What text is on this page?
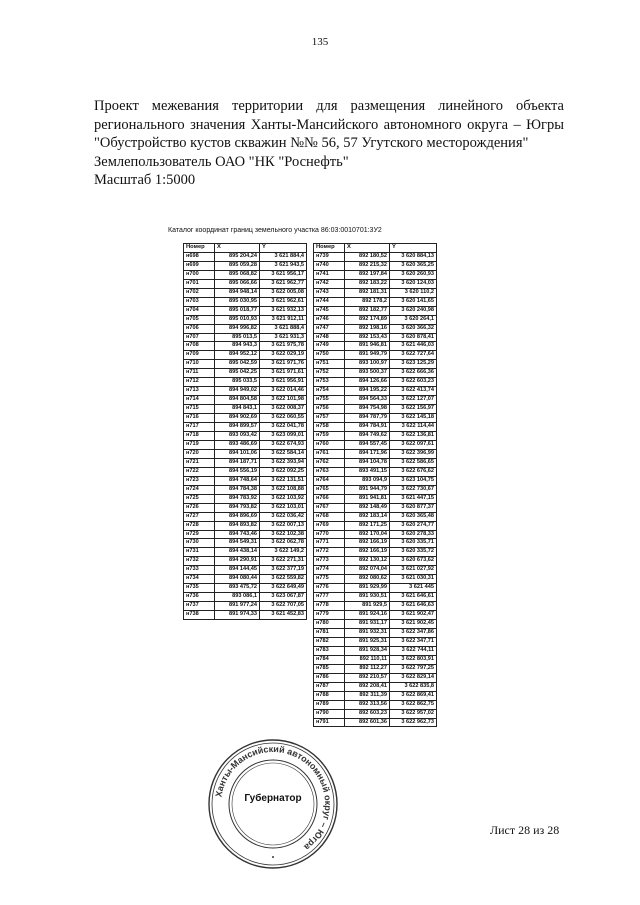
135
Проект межевания территории для размещения линейного объекта
регионального значения Ханты-Мансийского автономного округа – Югры
"Обустройство кустов скважин №№ 56, 57 Угутского месторождения"
Землепользователь ОАО "НК "Роснефть"
Масштаб 1:5000
Каталог координат границ земельного участка 86:03:0010701:3У2
Номер	X	Y
н698	895 204,24	3 621 884,4
н699	895 059,28	3 621 943,5
н700	895 068,82	3 621 956,17
н701	895 066,66	3 621 962,77
н702	894 948,14	3 622 005,08
н703	895 030,95	3 621 962,61
н704	895 018,77	3 621 932,13
н705	895 010,93	3 621 912,11
н706	894 996,82	3 621 888,4
н707	895 013,5	3 621 931,3
н708	894 943,3	3 621 975,78
н709	894 952,12	3 622 029,19
н710	895 042,59	3 621 971,76
н711	895 042,25	3 621 971,61
н712	895 033,5	3 621 956,91
н713	894 949,02	3 622 014,46
н714	894 804,58	3 622 101,98
н715	894 843,1	3 622 008,37
н716	894 902,69	3 622 060,55
н717	894 899,57	3 622 041,78
н718	893 093,42	3 623 099,01
н719	893 486,69	3 622 674,93
н720	894 101,06	3 622 584,14
н721	894 187,71	3 622 393,94
н722	894 556,19	3 622 092,25
н723	894 748,64	3 622 131,51
н724	894 784,38	3 622 108,88
н725	894 783,92	3 622 103,92
н726	894 793,82	3 622 103,01
н727	894 896,69	3 622 036,42
н728	894 893,82	3 622 007,13
н729	894 743,46	3 622 102,38
н730	894 549,31	3 622 062,78
н731	894 438,14	3 622 149,2
н732	894 290,91	3 622 271,31
н733	894 144,45	3 622 377,19
н734	894 080,44	3 622 559,82
н735	893 475,72	3 622 649,49
н736	893 086,1	3 623 067,87
н737	891 977,24	3 622 707,05
н738	891 974,33	3 621 452,83
Номер	X	Y
н739	892 180,52	3 620 884,13
н740	892 215,32	3 620 365,25
н741	892 197,84	3 620 260,93
н742	892 183,22	3 620 124,03
н743	892 181,31	3 620 110,2
н744	892 178,2	3 620 141,65
н745	892 182,77	3 620 240,98
н746	892 174,89	3 620 264,1
н747	892 198,16	3 620 366,32
н748	892 153,43	3 620 878,41
н749	891 946,81	3 621 446,03
н750	891 949,79	3 622 727,64
н751	893 100,97	3 623 125,29
н752	893 500,37	3 622 666,36
н753	894 126,66	3 622 603,23
н754	894 195,22	3 622 413,74
н755	894 564,33	3 622 127,07
н756	894 754,98	3 622 156,97
н757	894 787,79	3 622 145,18
н758	894 784,91	3 622 114,44
н759	894 749,62	3 622 136,81
н760	894 557,45	3 622 097,61
н761	894 171,96	3 622 396,99
н762	894 104,78	3 622 586,65
н763	893 491,15	3 622 676,62
н764	893 094,9	3 623 104,75
н765	891 944,79	3 622 730,67
н766	891 941,81	3 621 447,15
н767	892 148,49	3 620 877,37
н768	892 183,14	3 620 365,48
н769	892 171,25	3 620 274,77
н770	892 170,04	3 620 278,33
н771	892 166,19	3 620 335,71
н772	892 166,19	3 620 335,72
н773	892 130,12	3 620 673,62
н774	892 074,04	3 621 027,92
н775	892 080,62	3 621 030,31
н776	891 929,99	3 621 445
н777	891 930,51	3 621 646,61
н778	891 929,5	3 621 646,63
н779	891 924,16	3 621 902,47
н780	891 931,17	3 621 902,45
н781	891 932,31	3 622 347,86
н782	891 925,31	3 622 347,71
н783	891 928,34	3 622 744,11
н784	892 110,11	3 622 803,91
н785	892 112,27	3 622 797,25
н786	892 210,57	3 622 829,14
н787	892 208,41	3 622 835,8
н788	892 311,39	3 622 869,41
н789	892 313,56	3 622 862,75
н790	892 603,23	3 622 957,02
н791	892 601,36	3 622 962,73
Ханты-Мансийский автономный округ – Югра
•
Губернатор
Лист 28 из 28
